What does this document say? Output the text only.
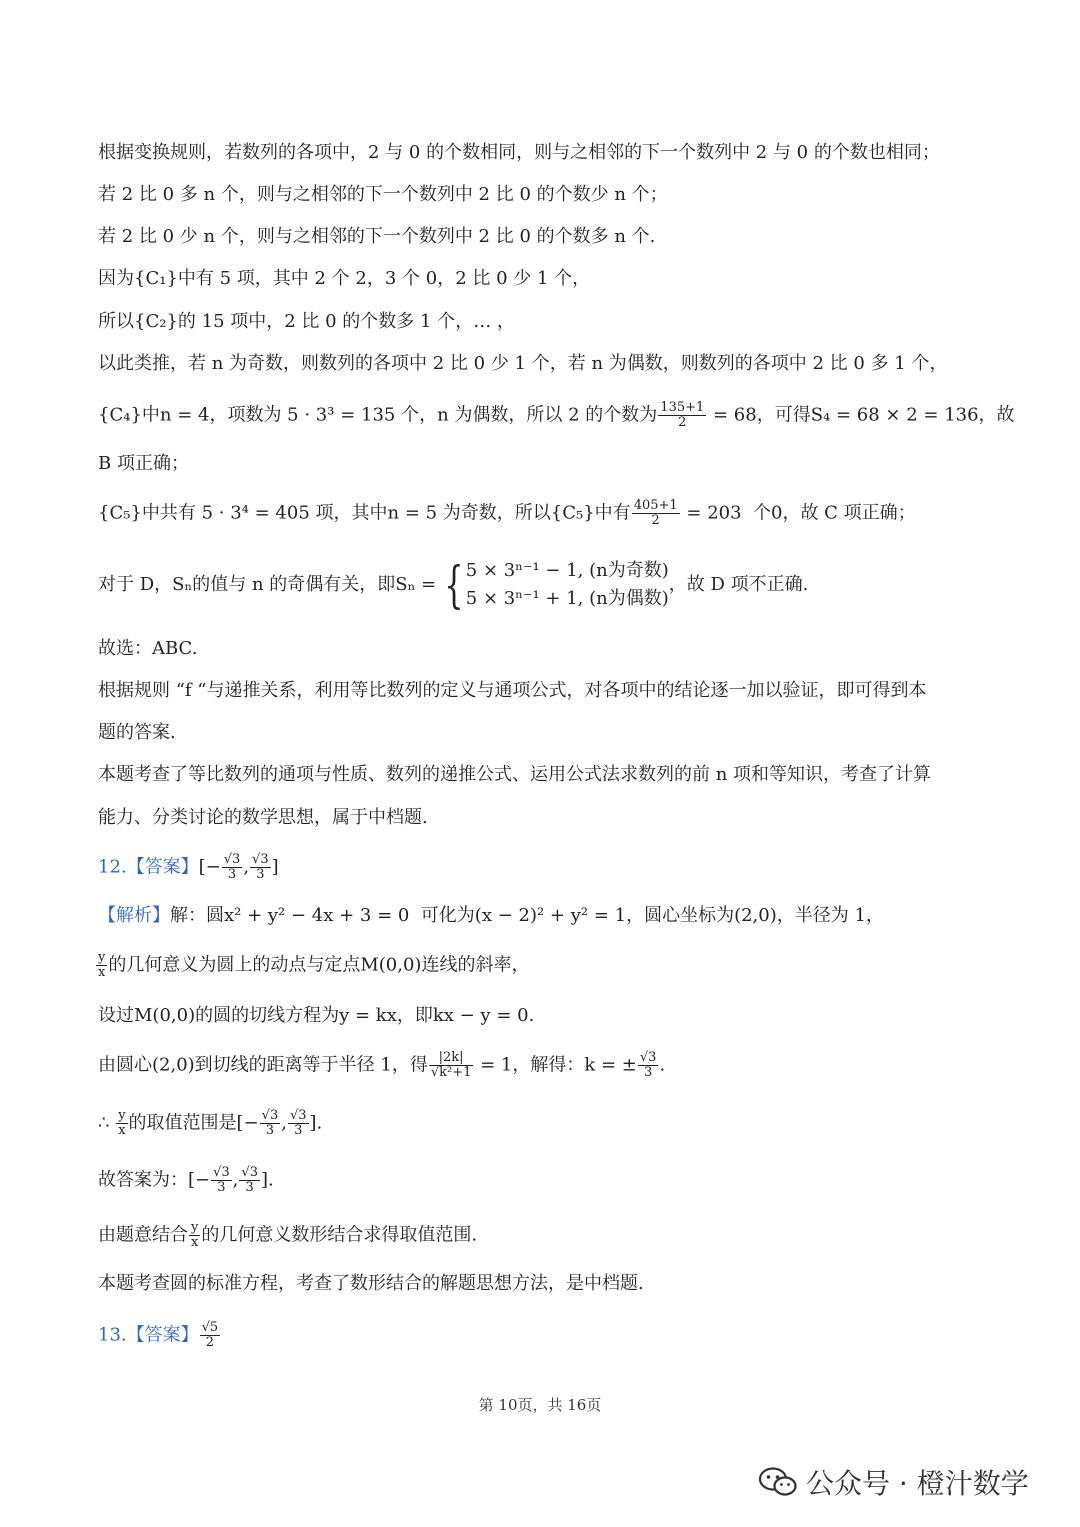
根据变换规则，若数列的各项中，2 与 0 的个数相同，则与之相邻的下一个数列中 2 与 0 的个数也相同；
若 2 比 0 多 n 个，则与之相邻的下一个数列中 2 比 0 的个数少 n 个；
若 2 比 0 少 n 个，则与之相邻的下一个数列中 2 比 0 的个数多 n 个.
因为{C₁}中有 5 项，其中 2 个 2，3 个 0，2 比 0 少 1 个，
所以{C₂}的 15 项中，2 比 0 的个数多 1 个，… ，
以此类推，若 n 为奇数，则数列的各项中 2 比 0 少 1 个，若 n 为偶数，则数列的各项中 2 比 0 多 1 个，
{C₄}中n = 4，项数为 5 · 3³ = 135 个，n 为偶数，所以 2 的个数为 $\frac{135+1}{2} = 68$，可得S₄ = 68 × 2 = 136，故
B 项正确；
{C₅}中共有 5 · 3⁴ = 405 项，其中n = 5 为奇数，所以{C₅}中有 $\frac{405+1}{2} = 203$  个0，故 C 项正确；
对于 D，Sₙ的值与 n 的奇偶有关，即Sₙ = { 5 × 3ⁿ⁻¹ − 1, (n为奇数)
5 × 3ⁿ⁻¹ + 1, (n为偶数)
，故 D 项不正确.
故选：ABC.
根据规则 “f “与递推关系，利用等比数列的定义与通项公式，对各项中的结论逐一加以验证，即可得到本
题的答案.
本题考查了等比数列的通项与性质、数列的递推公式、运用公式法求数列的前 n 项和等知识，考查了计算
能力、分类讨论的数学思想，属于中档题.
12.【答案】[− $\frac{√3}{3}$ , $\frac{√3}{3}$ ]
【解析】解：圆x² + y² − 4x + 3 = 0  可化为(x − 2)² + y² = 1，圆心坐标为(2,0)，半径为 1，
$\frac{y}{x}$ 的几何意义为圆上的动点与定点M(0,0)连线的斜率，
设过M(0,0)的圆的切线方程为y = kx，即kx − y = 0.
由圆心(2,0)到切线的距离等于半径 1，得 $\frac{|2k|}{\text{√k²+1}} = 1$，解得：k = ± $\frac{√3}{3}$ .
∴ $\frac{y}{x}$ 的取值范围是[− $\frac{√3}{3}$ , $\frac{√3}{3}$ ].
故答案为：[− $\frac{√3}{3}$ , $\frac{√3}{3}$ ].
由题意结合 $\frac{y}{x}$ 的几何意义数形结合求得取值范围.
本题考查圆的标准方程，考查了数形结合的解题思想方法，是中档题.
13.【答案】 $\frac{√5}{2}$
第 10页，共 16页
公众号 · 橙汁数学
